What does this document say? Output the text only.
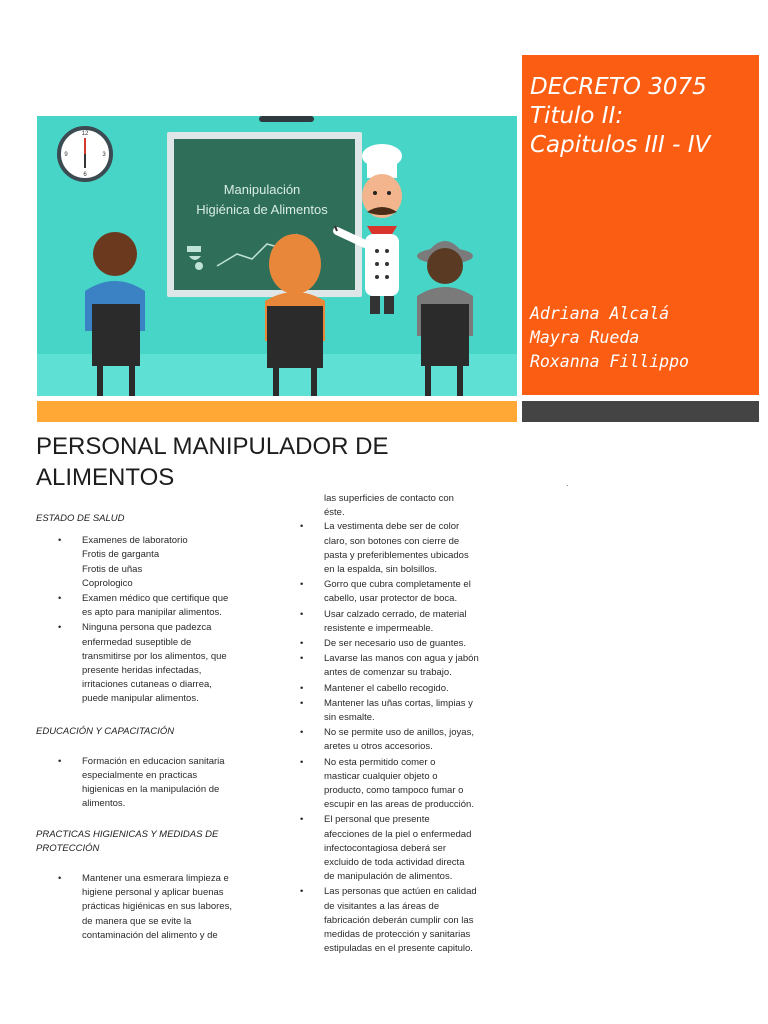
12
3
6
9
Manipulación
Higiénica de Alimentos
DECRETO 3075
Titulo II:
Capitulos III - IV
Adriana Alcalá
Mayra Rueda
Roxanna Fillippo
PERSONAL MANIPULADOR DE
ALIMENTOS	.

ESTADO DE SALUD

• Examenes de laboratorio
Frotis de garganta
Frotis de uñas
Coprologico
• Examen médico que certifique que
es apto para manipilar alimentos.
• Ninguna persona que padezca
enfermedad suseptible de
transmitirse por los alimentos, que
presente heridas infectadas,
irritaciones cutaneas o diarrea,
puede manipular alimentos.

EDUCACIÓN Y CAPACITACIÓN

• Formación en educacion sanitaria
especialmente en practicas
higienicas en la manipulación de
alimentos.
PRACTICAS HIGIENICAS Y MEDIDAS DE
PROTECCIÓN
• Mantener una esmerara limpieza e
higiene personal y aplicar buenas
prácticas higiénicas en sus labores,
de manera que se evite la
contaminación del alimento y de
las superficies de contacto con
éste.
• La vestimenta debe ser de color
claro, son botones con cierre de
pasta y preferiblementes ubicados
en la espalda, sin bolsillos.
• Gorro que cubra completamente el
cabello, usar protector de boca.
• Usar calzado cerrado, de material
resistente e impermeable.
• De ser necesario uso de guantes.
• Lavarse las manos con agua y jabón
antes de comenzar su trabajo.
• Mantener el cabello recogido.
• Mantener las uñas cortas, limpias y
sin esmalte.
• No se permite uso de anillos, joyas,
aretes u otros accesorios.
• No esta permitido comer o
masticar cualquier objeto o
producto, como tampoco fumar o
escupir en las areas de producción.
• El personal que presente
afecciones de la piel o enfermedad
infectocontagiosa deberá ser
excluido de toda actividad directa
de manipulación de alimentos.
• Las personas que actúen en calidad
de visitantes a las áreas de
fabricación deberán cumplir con las
medidas de protección y sanitarias
estipuladas en el presente capitulo.
